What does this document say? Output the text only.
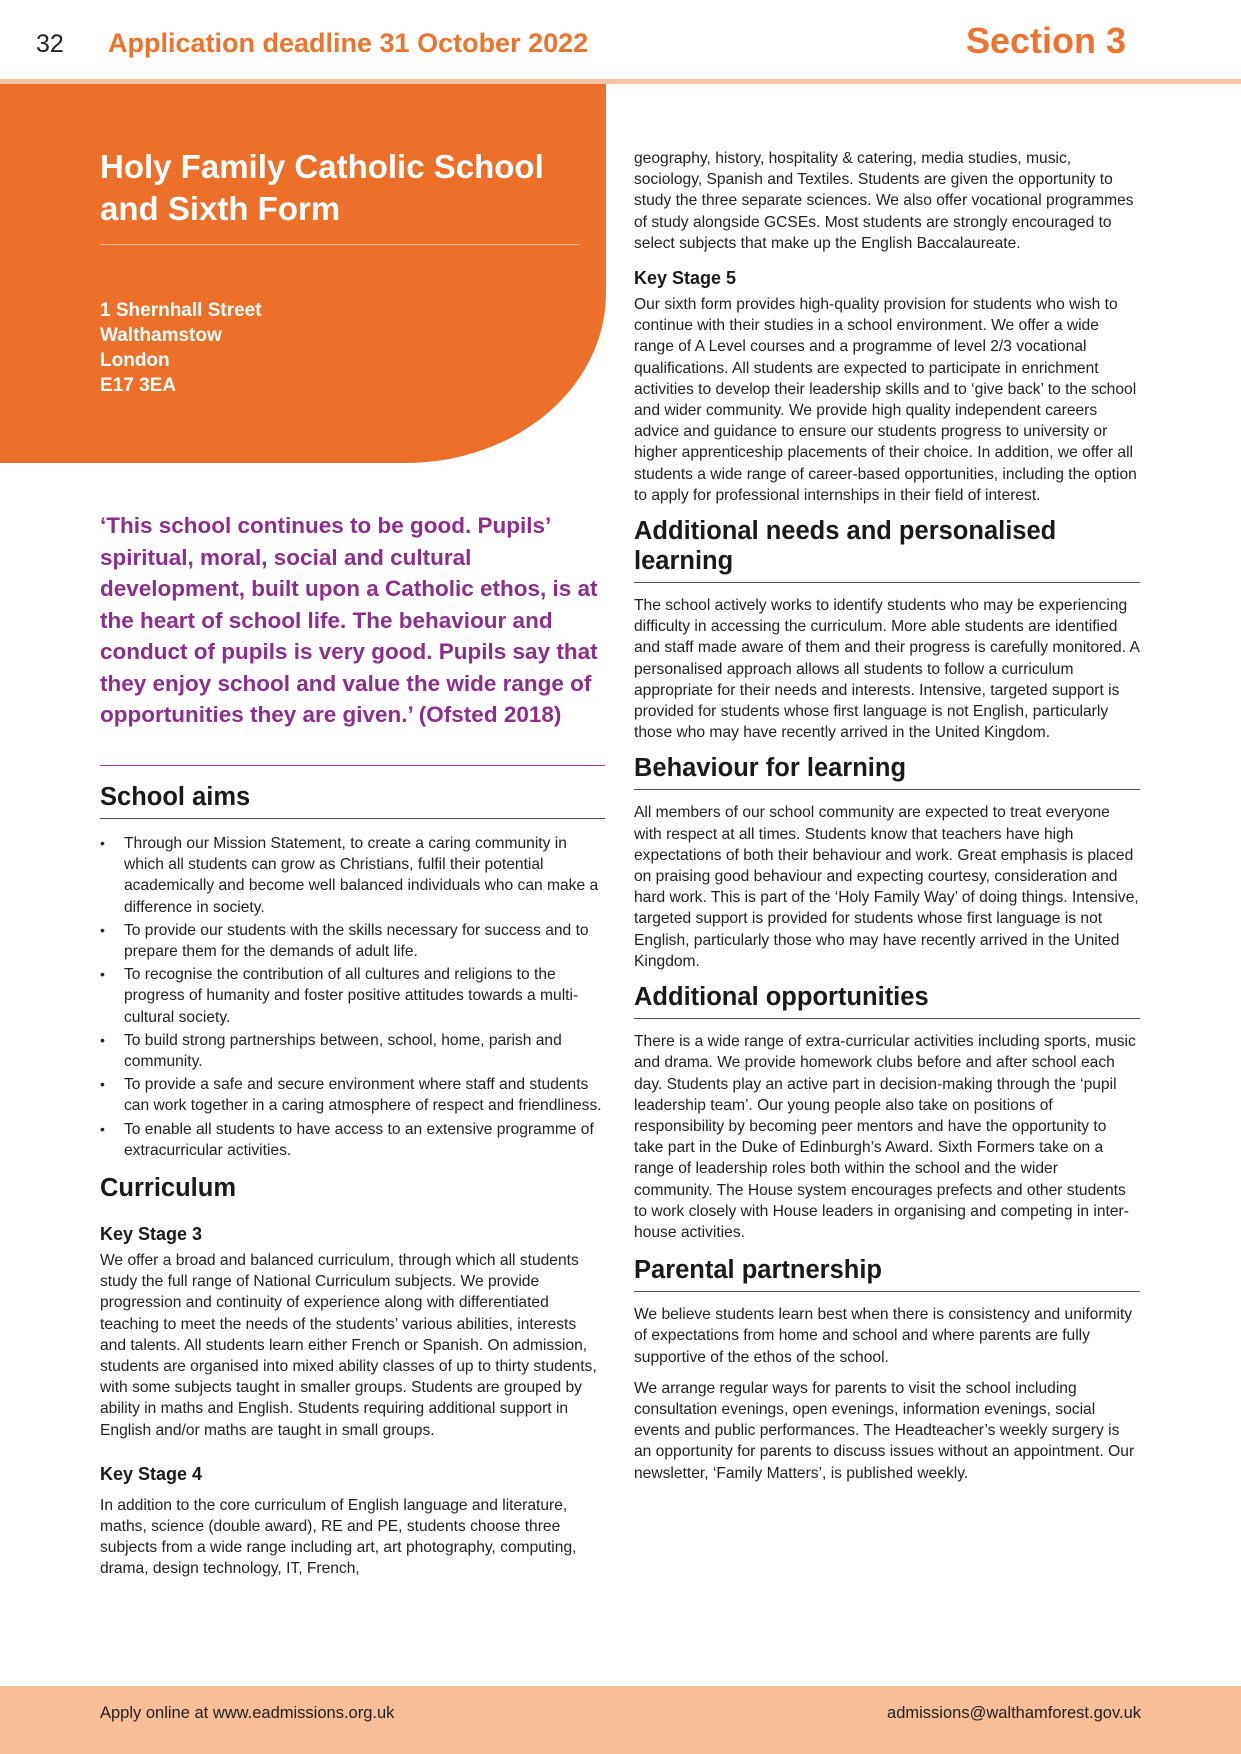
32 Application deadline 31 October 2022	Section 3
Holy Family Catholic School and Sixth Form
1 Shernhall Street
Walthamstow
London
E17 3EA

‘This school continues to be good. Pupils’ spiritual, moral, social and cultural development, built upon a Catholic ethos, is at the heart of school life. The behaviour and conduct of pupils is very good. Pupils say that they enjoy school and value the wide range of opportunities they are given.’ (Ofsted 2018)

School aims
• Through our Mission Statement, to create a caring community in which all students can grow as Christians, fulfil their potential academically and become well balanced individuals who can make a difference in society.
• To provide our students with the skills necessary for success and to prepare them for the demands of adult life.
• To recognise the contribution of all cultures and religions to the progress of humanity and foster positive attitudes towards a multi-cultural society.
• To build strong partnerships between, school, home, parish and community.
• To provide a safe and secure environment where staff and students can work together in a caring atmosphere of respect and friendliness.
• To enable all students to have access to an extensive programme of extracurricular activities.
Curriculum
Key Stage 3

We offer a broad and balanced curriculum, through which all students study the full range of National Curriculum subjects. We provide progression and continuity of experience along with differentiated teaching to meet the needs of the students’ various abilities, interests and talents. All students learn either French or Spanish. On admission, students are organised into mixed ability classes of up to thirty students, with some subjects taught in smaller groups. Students are grouped by ability in maths and English. Students requiring additional support in English and/or maths are taught in small groups.

Key Stage 4

In addition to the core curriculum of English language and literature, maths, science (double award), RE and PE, students choose three subjects from a wide range including art, art photography, computing, drama, design technology, IT, French,

geography, history, hospitality & catering, media studies, music, sociology, Spanish and Textiles. Students are given the opportunity to study the three separate sciences. We also offer vocational programmes of study alongside GCSEs. Most students are strongly encouraged to select subjects that make up the English Baccalaureate.

Key Stage 5

Our sixth form provides high-quality provision for students who wish to continue with their studies in a school environment. We offer a wide range of A Level courses and a programme of level 2/3 vocational qualifications. All students are expected to participate in enrichment activities to develop their leadership skills and to ‘give back’ to the school and wider community. We provide high quality independent careers advice and guidance to ensure our students progress to university or higher apprenticeship placements of their choice. In addition, we offer all students a wide range of career-based opportunities, including the option to apply for professional internships in their field of interest.

Additional needs and personalised learning

The school actively works to identify students who may be experiencing difficulty in accessing the curriculum. More able students are identified and staff made aware of them and their progress is carefully monitored. A personalised approach allows all students to follow a curriculum appropriate for their needs and interests. Intensive, targeted support is provided for students whose first language is not English, particularly those who may have recently arrived in the United Kingdom.

Behaviour for learning

All members of our school community are expected to treat everyone with respect at all times. Students know that teachers have high expectations of both their behaviour and work. Great emphasis is placed on praising good behaviour and expecting courtesy, consideration and hard work. This is part of the ‘Holy Family Way’ of doing things. Intensive, targeted support is provided for students whose first language is not English, particularly those who may have recently arrived in the United Kingdom.

Additional opportunities

There is a wide range of extra-curricular activities including sports, music and drama. We provide homework clubs before and after school each day. Students play an active part in decision-making through the ‘pupil leadership team’. Our young people also take on positions of responsibility by becoming peer mentors and have the opportunity to take part in the Duke of Edinburgh’s Award. Sixth Formers take on a range of leadership roles both within the school and the wider community. The House system encourages prefects and other students to work closely with House leaders in organising and competing in inter-house activities.

Parental partnership

We believe students learn best when there is consistency and uniformity of expectations from home and school and where parents are fully supportive of the ethos of the school.

We arrange regular ways for parents to visit the school including consultation evenings, open evenings, information evenings, social events and public performances. The Headteacher’s weekly surgery is an opportunity for parents to discuss issues without an appointment. Our newsletter, ‘Family Matters’, is published weekly.

Apply online at www.eadmissions.org.uk	admissions@walthamforest.gov.uk
